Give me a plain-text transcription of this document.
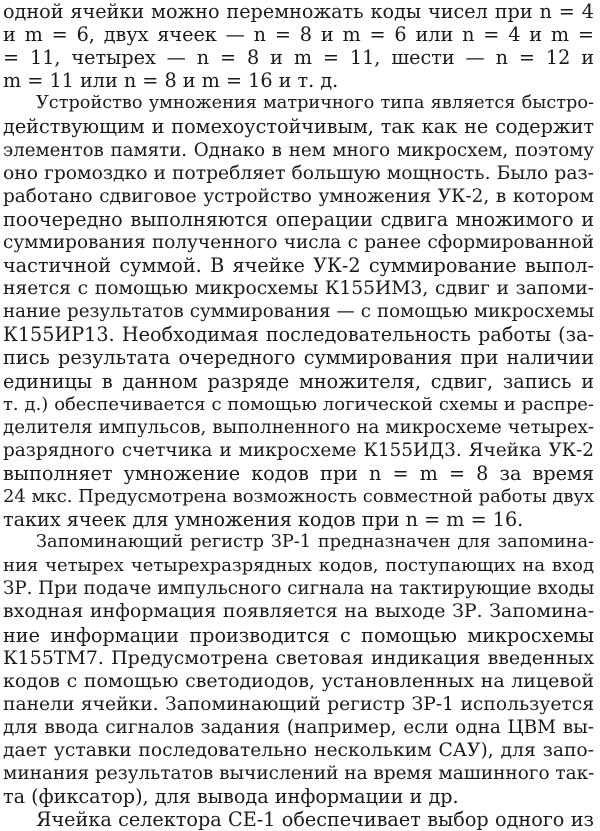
одной ячейки можно перемножать коды чисел при n = 4
и m = 6, двух ячеек — n = 8 и m = 6 или n = 4 и m =
= 11, четырех — n = 8 и m = 11, шести — n = 12 и
m = 11 или n = 8 и m = 16 и т. д.
Устройство умножения матричного типа является быстро-
действующим и помехоустойчивым, так как не содержит
элементов памяти. Однако в нем много микросхем, поэтому
оно громоздко и потребляет большую мощность. Было раз-
работано сдвиговое устройство умножения УК-2, в котором
поочередно выполняются операции сдвига множимого и
суммирования полученного числа с ранее сформированной
частичной суммой. В ячейке УК-2 суммирование выпол-
няется с помощью микросхемы К155ИМ3, сдвиг и запоми-
нание результатов суммирования — с помощью микросхемы
К155ИР13. Необходимая последовательность работы (за-
пись результата очередного суммирования при наличии
единицы в данном разряде множителя, сдвиг, запись и
т. д.) обеспечивается с помощью логической схемы и распре-
делителя импульсов, выполненного на микросхеме четырех-
разрядного счетчика и микросхеме К155ИД3. Ячейка УК-2
выполняет умножение кодов при n = m = 8 за время
24 мкс. Предусмотрена возможность совместной работы двух
таких ячеек для умножения кодов при n = m = 16.
Запоминающий регистр ЗР-1 предназначен для запомина-
ния четырех четырехразрядных кодов, поступающих на вход
ЗР. При подаче импульсного сигнала на тактирующие входы
входная информация появляется на выходе ЗР. Запомина-
ние информации производится с помощью микросхемы
К155ТМ7. Предусмотрена световая индикация введенных
кодов с помощью светодиодов, установленных на лицевой
панели ячейки. Запоминающий регистр ЗР-1 используется
для ввода сигналов задания (например, если одна ЦВМ вы-
дает уставки последовательно нескольким САУ), для запо-
минания результатов вычислений на время машинного так-
та (фиксатор), для вывода информации и др.
Ячейка селектора СЕ-1 обеспечивает выбор одного из
